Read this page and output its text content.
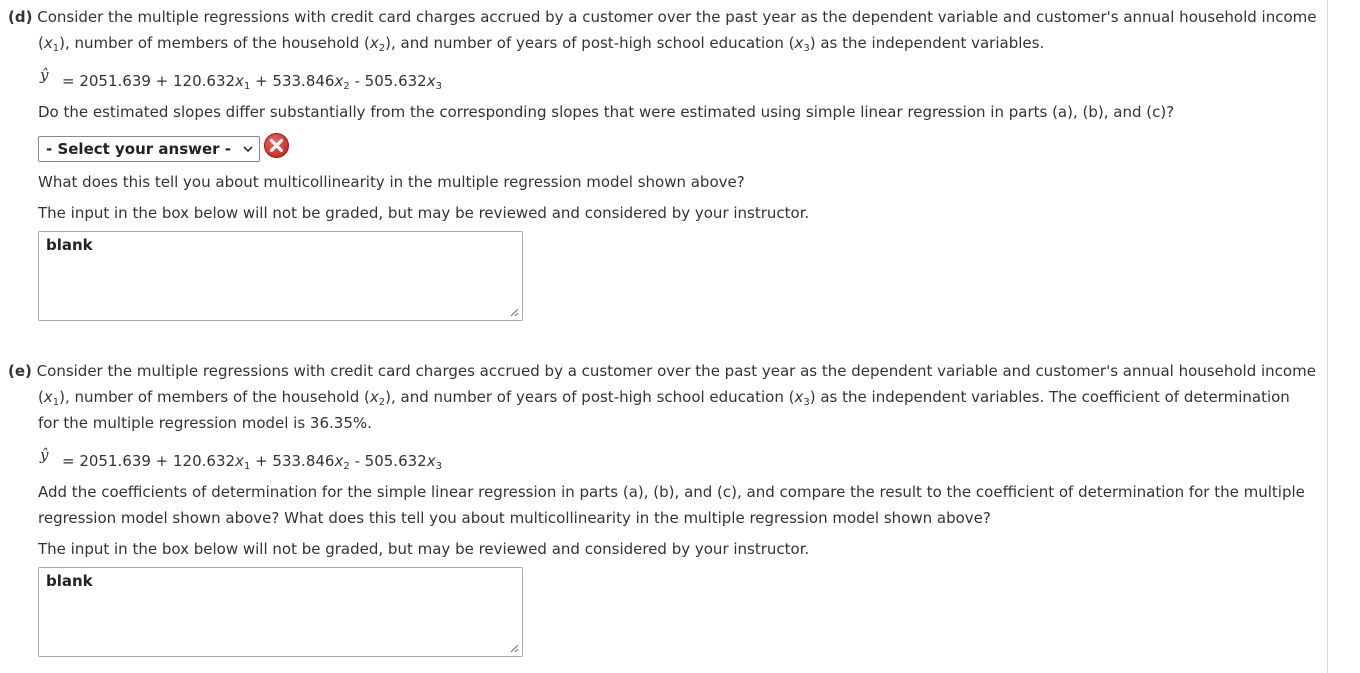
(d) Consider the multiple regressions with credit card charges accrued by a customer over the past year as the dependent variable and customer's annual household income
$(x_1)$, number of members of the household $(x_2)$, and number of years of post-high school education $(x_3)$ as the independent variables.
ŷ = $2051.639 + 120.632x_1 + 533.846x_2 - 505.632x_3$
Do the estimated slopes differ substantially from the corresponding slopes that were estimated using simple linear regression in parts (a), (b), and (c)?
- Select your answer -
What does this tell you about multicollinearity in the multiple regression model shown above?
The input in the box below will not be graded, but may be reviewed and considered by your instructor.
blank
(e) Consider the multiple regressions with credit card charges accrued by a customer over the past year as the dependent variable and customer's annual household income
$(x_1)$, number of members of the household $(x_2)$, and number of years of post-high school education $(x_3)$ as the independent variables. The coefficient of determination
for the multiple regression model is 36.35%.
ŷ = $2051.639 + 120.632x_1 + 533.846x_2 - 505.632x_3$
Add the coefficients of determination for the simple linear regression in parts (a), (b), and (c), and compare the result to the coefficient of determination for the multiple
regression model shown above? What does this tell you about multicollinearity in the multiple regression model shown above?
The input in the box below will not be graded, but may be reviewed and considered by your instructor.
blank
